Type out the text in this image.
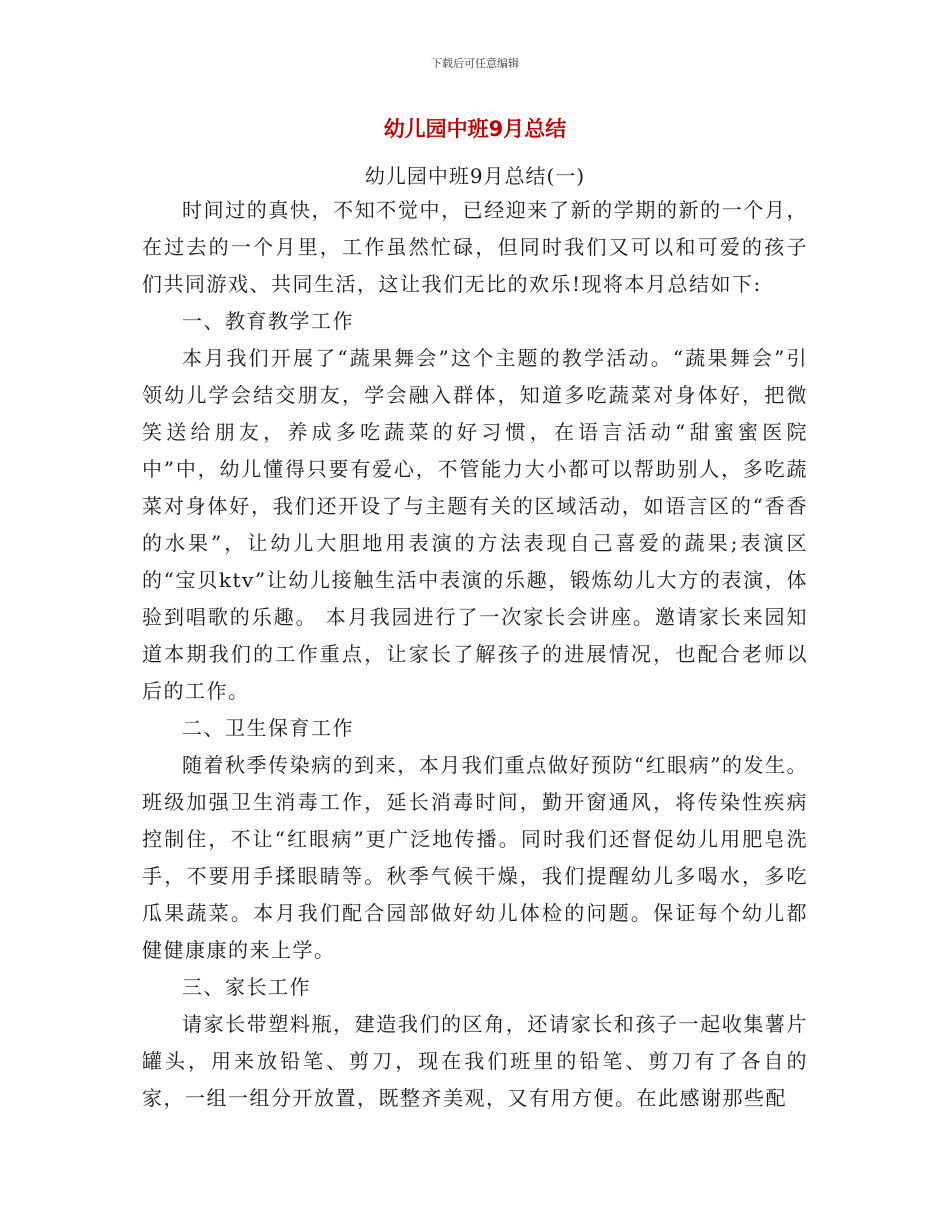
下载后可任意编辑
幼儿园中班9月总结
幼儿园中班9月总结(一)

时间过的真快，不知不觉中，已经迎来了新的学期的新的一个月，在过去的一个月里，工作虽然忙碌，但同时我们又可以和可爱的孩子们共同游戏、共同生活，这让我们无比的欢乐!现将本月总结如下:

一、教育教学工作

本月我们开展了“蔬果舞会”这个主题的教学活动。“蔬果舞会”引领幼儿学会结交朋友，学会融入群体，知道多吃蔬菜对身体好，把微笑送给朋友，养成多吃蔬菜的好习惯，在语言活动“甜蜜蜜医院中”中，幼儿懂得只要有爱心，不管能力大小都可以帮助别人，多吃蔬菜对身体好，我们还开设了与主题有关的区域活动，如语言区的“香香的水果”，让幼儿大胆地用表演的方法表现自己喜爱的蔬果;表演区的“宝贝ktv”让幼儿接触生活中表演的乐趣，锻炼幼儿大方的表演，体验到唱歌的乐趣。 本月我园进行了一次家长会讲座。邀请家长来园知道本期我们的工作重点，让家长了解孩子的进展情况，也配合老师以后的工作。

二、卫生保育工作

随着秋季传染病的到来，本月我们重点做好预防“红眼病”的发生。班级加强卫生消毒工作，延长消毒时间，勤开窗通风，将传染性疾病控制住，不让“红眼病”更广泛地传播。同时我们还督促幼儿用肥皂洗手，不要用手揉眼睛等。秋季气候干燥，我们提醒幼儿多喝水，多吃瓜果蔬菜。本月我们配合园部做好幼儿体检的问题。保证每个幼儿都健健康康的来上学。

三、家长工作

请家长带塑料瓶，建造我们的区角，还请家长和孩子一起收集薯片罐头，用来放铅笔、剪刀，现在我们班里的铅笔、剪刀有了各自的家，一组一组分开放置，既整齐美观，又有用方便。在此感谢那些配
